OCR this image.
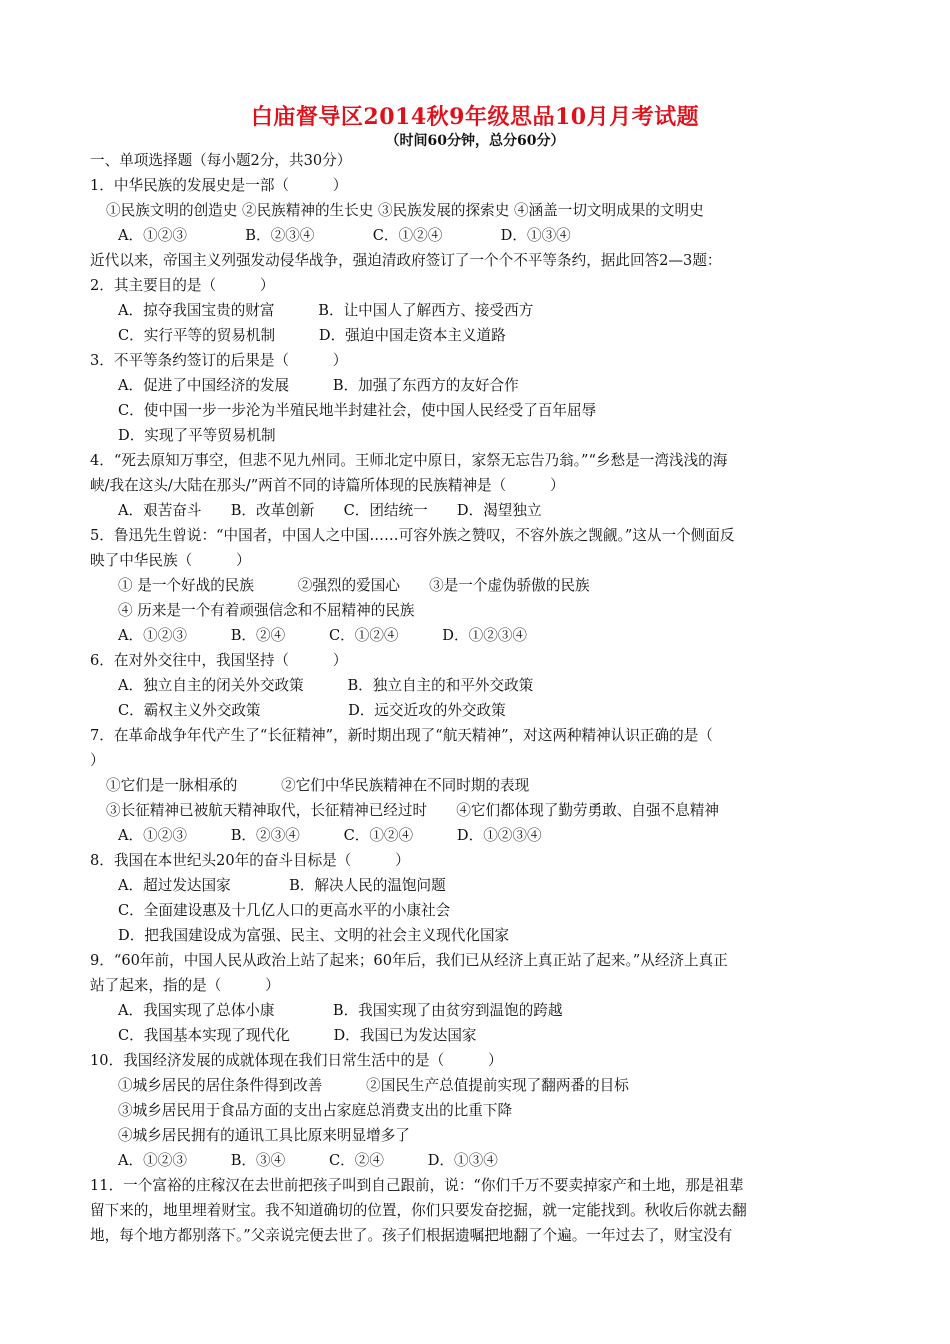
白庙督导区2014秋9年级思品10月月考试题
（时间60分钟，总分60分）
一、单项选择题（每小题2分，共30分）
1．中华民族的发展史是一部（　　　）
①民族文明的创造史 ②民族精神的生长史 ③民族发展的探索史 ④涵盖一切文明成果的文明史
A．①②③　　　　B．②③④　　　　C．①②④　　　　D．①③④
近代以来，帝国主义列强发动侵华战争，强迫清政府签订了一个个不平等条约，据此回答2—3题：
2．其主要目的是（　　　）
A．掠夺我国宝贵的财富　　　B．让中国人了解西方、接受西方
C．实行平等的贸易机制　　　D．强迫中国走资本主义道路
3．不平等条约签订的后果是（　　　）
A．促进了中国经济的发展　　　B．加强了东西方的友好合作
C．使中国一步一步沦为半殖民地半封建社会，使中国人民经受了百年屈辱
D．实现了平等贸易机制
4．“死去原知万事空，但悲不见九州同。王师北定中原日，家祭无忘告乃翁。”“乡愁是一湾浅浅的海
峡/我在这头/大陆在那头/”两首不同的诗篇所体现的民族精神是（　　　）
A．艰苦奋斗　　B．改革创新　　C．团结统一　　D．渴望独立
5．鲁迅先生曾说：“中国者，中国人之中国……可容外族之赞叹，不容外族之觊觎。”这从一个侧面反
映了中华民族（　　　）
① 是一个好战的民族　　　②强烈的爱国心　　③是一个虚伪骄傲的民族
④ 历来是一个有着顽强信念和不屈精神的民族
A．①②③　　　B．②④　　　C．①②④　　　D．①②③④
6．在对外交往中，我国坚持（　　　）
A．独立自主的闭关外交政策　　　B．独立自主的和平外交政策
C．霸权主义外交政策　　　　　　D．远交近攻的外交政策
7．在革命战争年代产生了“长征精神”，新时期出现了“航天精神”，对这两种精神认识正确的是（
）
①它们是一脉相承的　　　②它们中华民族精神在不同时期的表现
③长征精神已被航天精神取代，长征精神已经过时　　④它们都体现了勤劳勇敢、自强不息精神
A．①②③　　　B．②③④　　　C．①②④　　　D．①②③④
8．我国在本世纪头20年的奋斗目标是（　　　）
A．超过发达国家　　　　B．解决人民的温饱问题
C．全面建设惠及十几亿人口的更高水平的小康社会
D．把我国建设成为富强、民主、文明的社会主义现代化国家
9．“60年前，中国人民从政治上站了起来；60年后，我们已从经济上真正站了起来。”从经济上真正
站了起来，指的是（　　　）
A．我国实现了总体小康　　　　B．我国实现了由贫穷到温饱的跨越
C．我国基本实现了现代化　　　D．我国已为发达国家
10．我国经济发展的成就体现在我们日常生活中的是（　　　）
①城乡居民的居住条件得到改善　　　②国民生产总值提前实现了翻两番的目标
③城乡居民用于食品方面的支出占家庭总消费支出的比重下降
④城乡居民拥有的通讯工具比原来明显增多了
A．①②③　　　B．③④　　　C．②④　　　D．①③④
11．一个富裕的庄稼汉在去世前把孩子叫到自己跟前，说：“你们千万不要卖掉家产和土地，那是祖辈
留下来的，地里埋着财宝。我不知道确切的位置，你们只要发奋挖掘，就一定能找到。秋收后你就去翻
地，每个地方都别落下。”父亲说完便去世了。孩子们根据遗嘱把地翻了个遍。一年过去了，财宝没有
